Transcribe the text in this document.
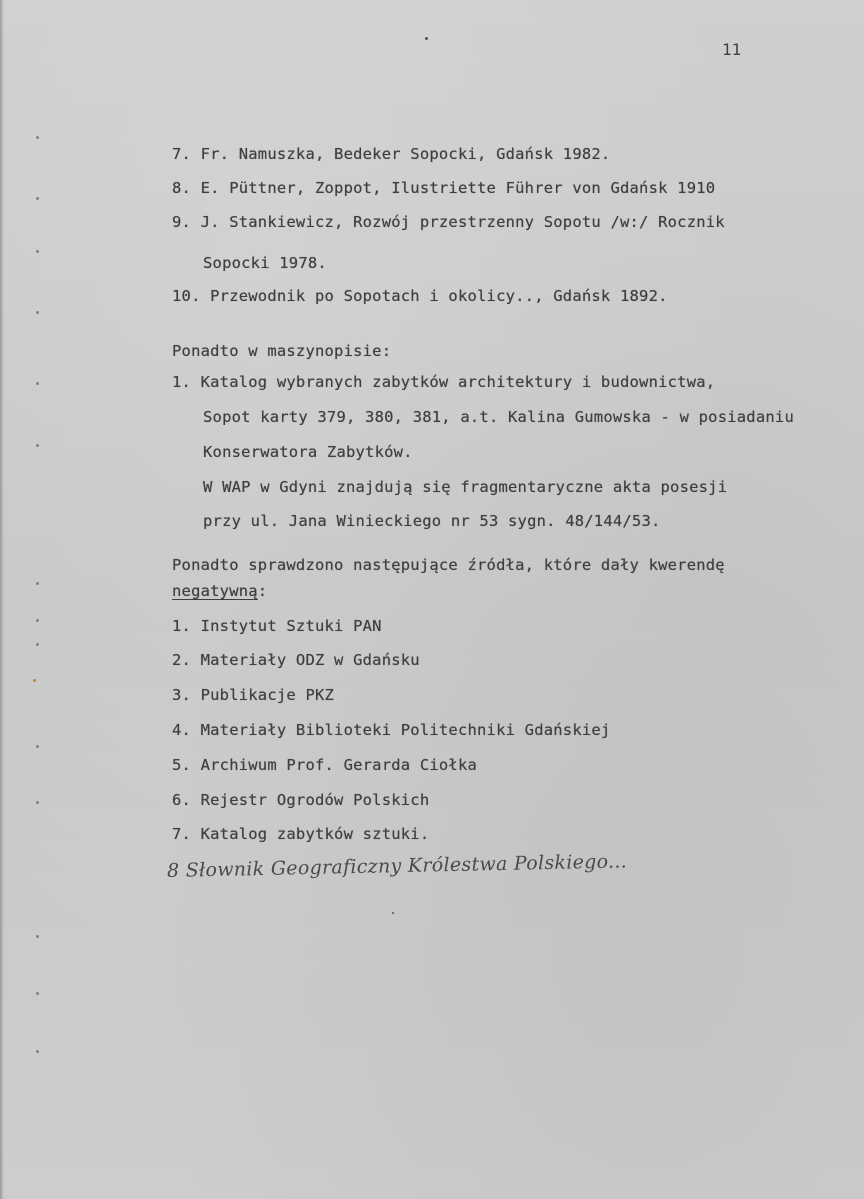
11
7. Fr. Namuszka, Bedeker Sopocki, Gdańsk 1982.
8. E. Püttner, Zoppot, Ilustriette Führer von Gdańsk 1910
9. J. Stankiewicz, Rozwój przestrzenny Sopotu /w:/ Rocznik
Sopocki 1978.
10. Przewodnik po Sopotach i okolicy.., Gdańsk 1892.
Ponadto w maszynopisie:
1. Katalog wybranych zabytków architektury i budownictwa,
Sopot karty 379, 380, 381, a.t. Kalina Gumowska - w posiadaniu
Konserwatora Zabytków.
W WAP w Gdyni znajdują się fragmentaryczne akta posesji
przy ul. Jana Winieckiego nr 53 sygn. 48/144/53.
Ponadto sprawdzono następujące źródła, które dały kwerendę
negatywną:
1. Instytut Sztuki PAN
2. Materiały ODZ w Gdańsku
3. Publikacje PKZ
4. Materiały Biblioteki Politechniki Gdańskiej
5. Archiwum Prof. Gerarda Ciołka
6. Rejestr Ogrodów Polskich
7. Katalog zabytków sztuki.
8 Słownik Geograficzny Królestwa Polskiego...
